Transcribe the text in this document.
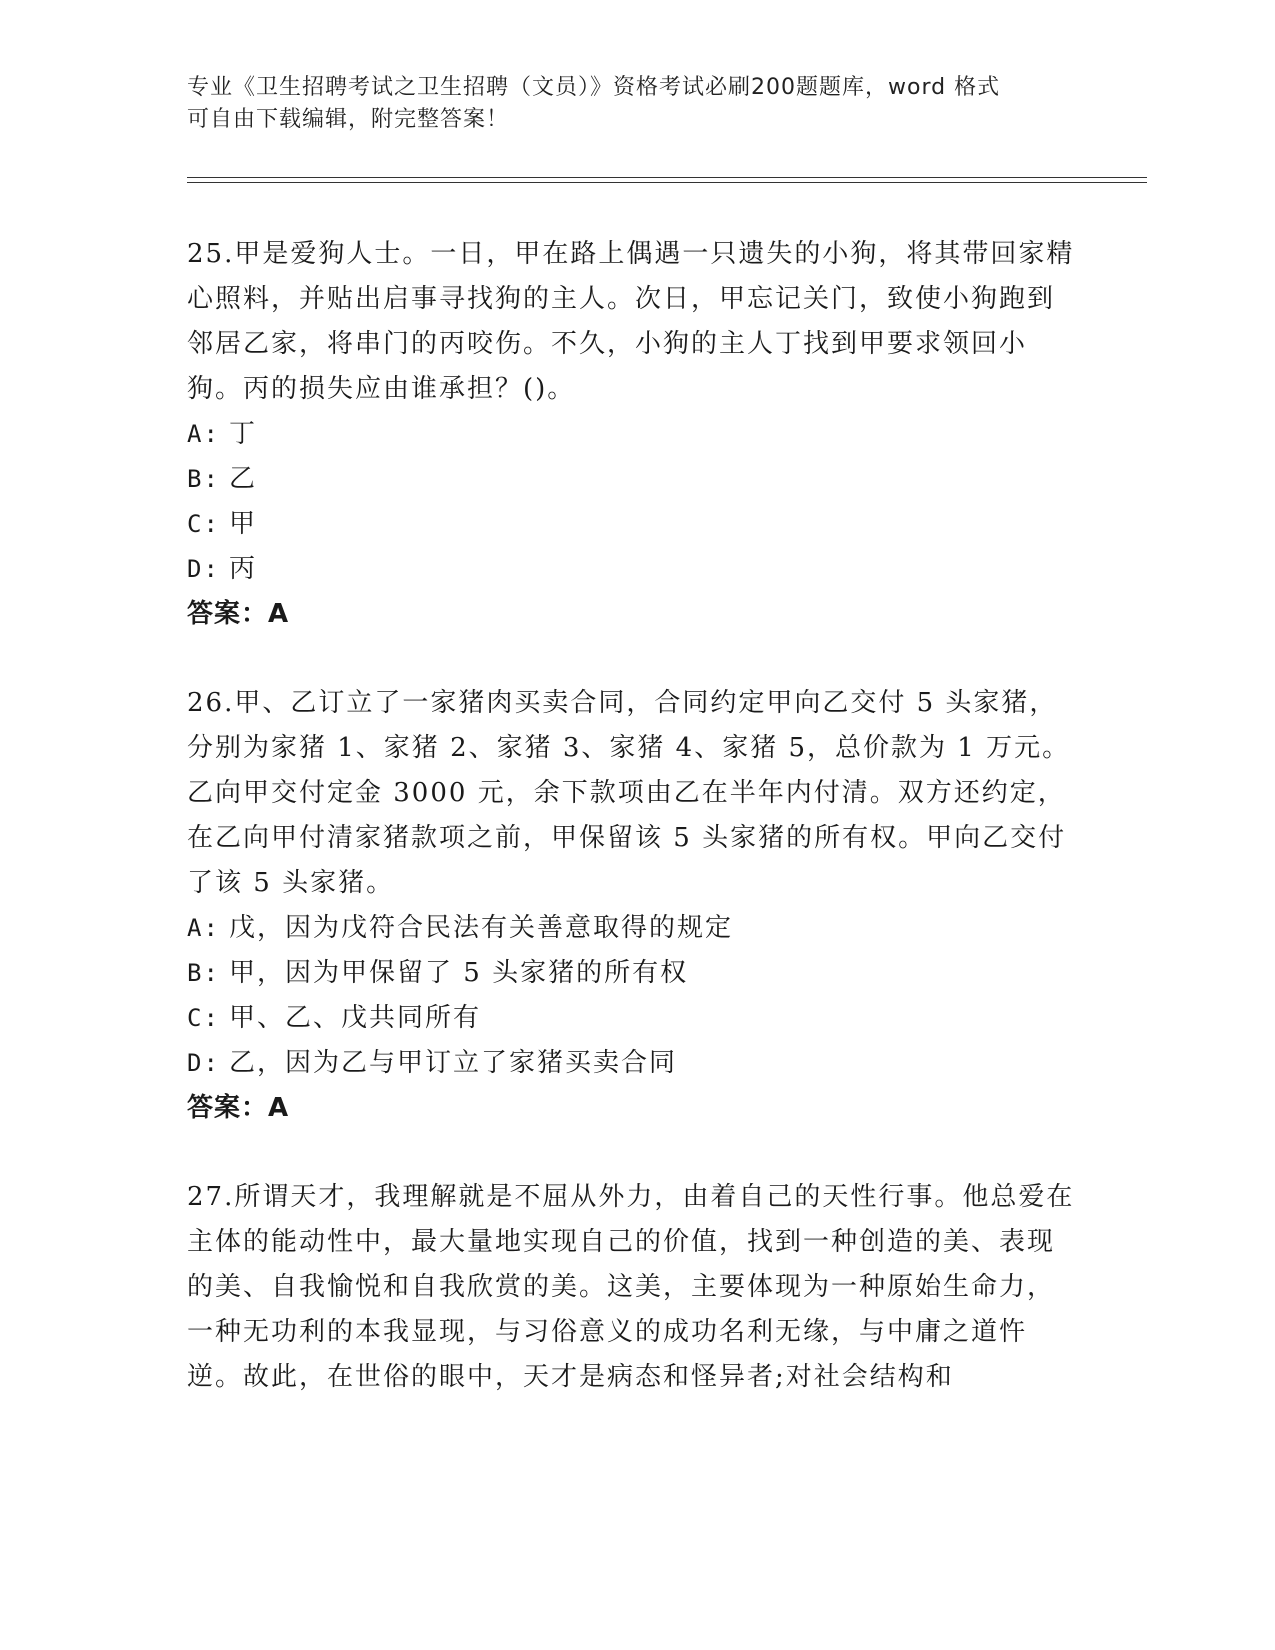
专业《卫生招聘考试之卫生招聘（文员）》资格考试必刷200题题库，word 格式
可自由下载编辑，附完整答案！

25.甲是爱狗人士。一日，甲在路上偶遇一只遗失的小狗，将其带回家精心照料，并贴出启事寻找狗的主人。次日，甲忘记关门，致使小狗跑到邻居乙家，将串门的丙咬伤。不久，小狗的主人丁找到甲要求领回小狗。丙的损失应由谁承担？()。

A: 丁

B: 乙

C: 甲

D: 丙

答案：A

26.甲、乙订立了一家猪肉买卖合同，合同约定甲向乙交付 5 头家猪，分别为家猪 1、家猪 2、家猪 3、家猪 4、家猪 5，总价款为 1 万元。乙向甲交付定金 3000 元，余下款项由乙在半年内付清。双方还约定，在乙向甲付清家猪款项之前，甲保留该 5 头家猪的所有权。甲向乙交付了该 5 头家猪。

A: 戊，因为戊符合民法有关善意取得的规定

B: 甲，因为甲保留了 5 头家猪的所有权

C: 甲、乙、戊共同所有

D: 乙，因为乙与甲订立了家猪买卖合同

答案：A

27.所谓天才，我理解就是不屈从外力，由着自己的天性行事。他总爱在主体的能动性中，最大量地实现自己的价值，找到一种创造的美、表现的美、自我愉悦和自我欣赏的美。这美，主要体现为一种原始生命力，一种无功利的本我显现，与习俗意义的成功名利无缘，与中庸之道忤逆。故此，在世俗的眼中，天才是病态和怪异者;对社会结构和
